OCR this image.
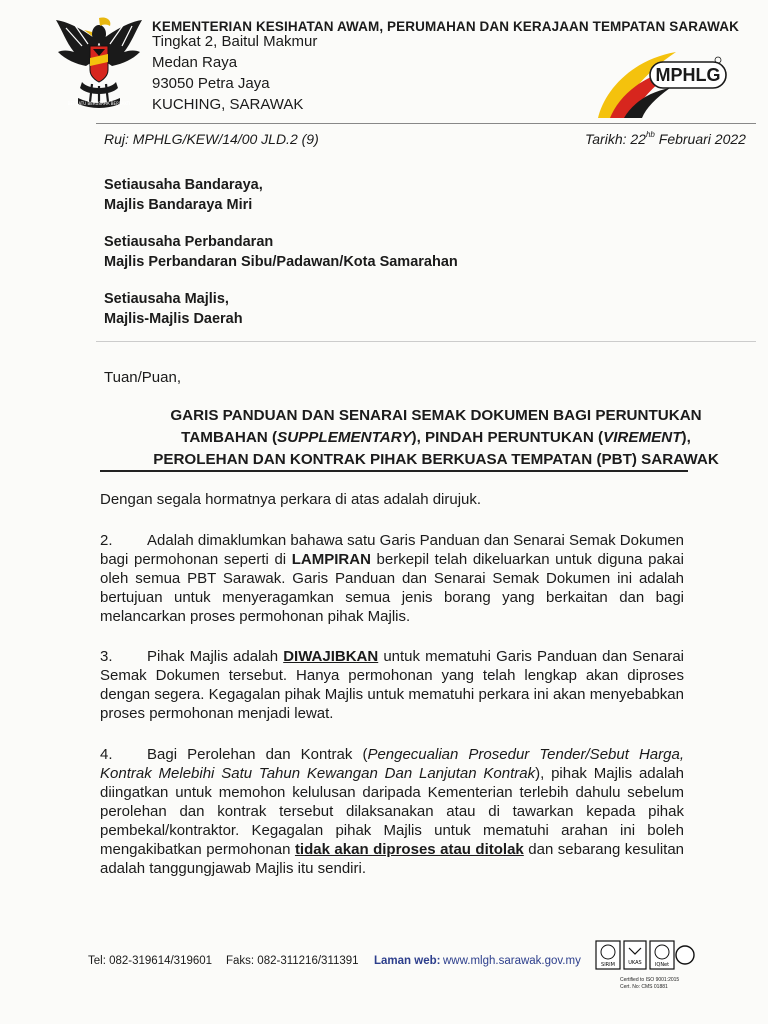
BERSATU BERUSAHA BERBAKTI
KEMENTERIAN KESIHATAN AWAM, PERUMAHAN DAN KERAJAAN TEMPATAN SARAWAK
Tingkat 2, Baitul Makmur
Medan Raya
93050 Petra Jaya
KUCHING, SARAWAK
MPHLG
Ruj: MPHLG/KEW/14/00 JLD.2 (9)	Tarikh: $22^{hb}$ Februari 2022
Setiausaha Bandaraya,
Majlis Bandaraya Miri
Setiausaha Perbandaran
Majlis Perbandaran Sibu/Padawan/Kota Samarahan
Setiausaha Majlis,
Majlis-Majlis Daerah
Tuan/Puan,
GARIS PANDUAN DAN SENARAI SEMAK DOKUMEN BAGI PERUNTUKAN
TAMBAHAN (SUPPLEMENTARY), PINDAH PERUNTUKAN (VIREMENT),
PEROLEHAN DAN KONTRAK PIHAK BERKUASA TEMPATAN (PBT) SARAWAK
Dengan segala hormatnya perkara di atas adalah dirujuk.
2. Adalah dimaklumkan bahawa satu Garis Panduan dan Senarai Semak Dokumen bagi permohonan seperti di LAMPIRAN berkepil telah dikeluarkan untuk diguna pakai oleh semua PBT Sarawak. Garis Panduan dan Senarai Semak Dokumen ini adalah bertujuan untuk menyeragamkan semua jenis borang yang berkaitan dan bagi melancarkan proses permohonan pihak Majlis.
3. Pihak Majlis adalah DIWAJIBKAN untuk mematuhi Garis Panduan dan Senarai Semak Dokumen tersebut. Hanya permohonan yang telah lengkap akan diproses dengan segera. Kegagalan pihak Majlis untuk mematuhi perkara ini akan menyebabkan proses permohonan menjadi lewat.
4. Bagi Perolehan dan Kontrak (Pengecualian Prosedur Tender/Sebut Harga, Kontrak Melebihi Satu Tahun Kewangan Dan Lanjutan Kontrak), pihak Majlis adalah diingatkan untuk memohon kelulusan daripada Kementerian terlebih dahulu sebelum perolehan dan kontrak tersebut dilaksanakan atau di tawarkan kepada pihak pembekal/kontraktor. Kegagalan pihak Majlis untuk mematuhi arahan ini boleh mengakibatkan permohonan tidak akan diproses atau ditolak dan sebarang kesulitan adalah tanggungjawab Majlis itu sendiri.
Tel: 082-319614/319601 Faks: 082-311216/311391 Laman web: www.mlgh.sarawak.gov.my	SIRIM	UKAS	IQNet
Certified to ISO 9001:2015
Cert. No: CMS 01881
